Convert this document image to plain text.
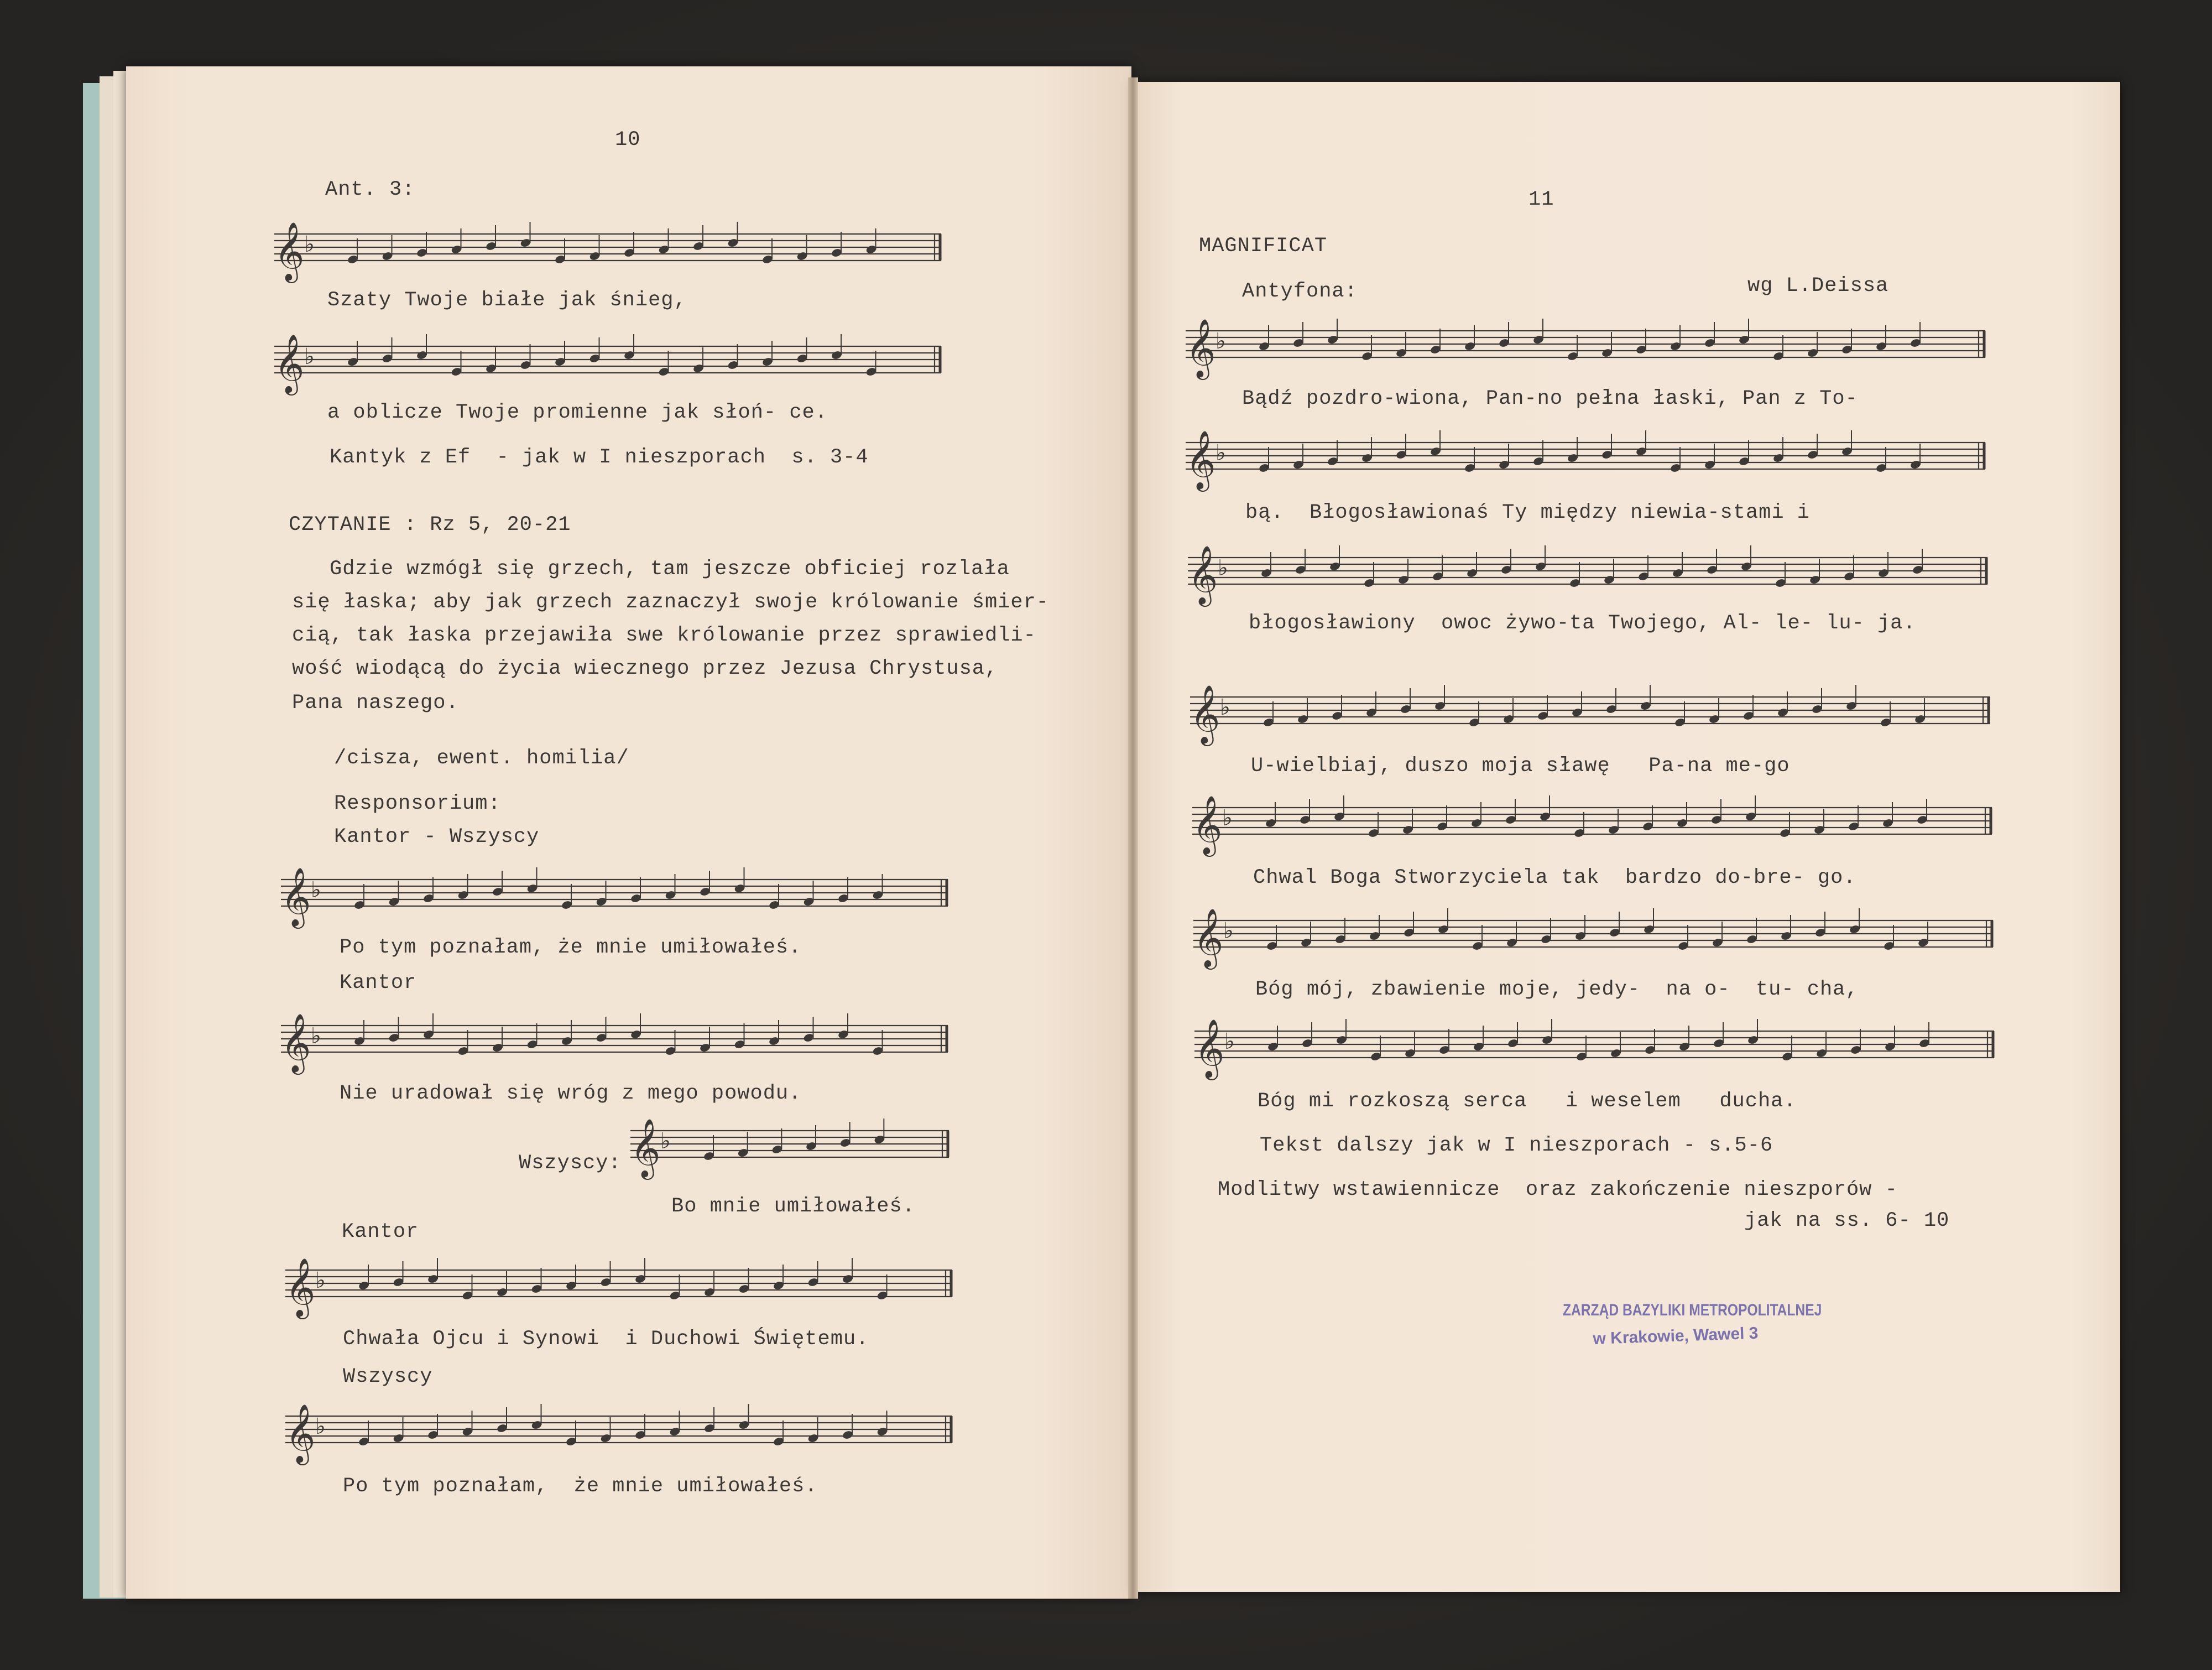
10
Ant. 3:
𝄞 ♭
Szaty Twoje białe jak śnieg,
𝄞 ♭
a oblicze Twoje promienne jak słoń- ce.
Kantyk z Ef  - jak w I nieszporach  s. 3-4
CZYTANIE : Rz 5, 20-21
Gdzie wzmógł się grzech, tam jeszcze obficiej rozlała
się łaska; aby jak grzech zaznaczył swoje królowanie śmier-
cią, tak łaska przejawiła swe królowanie przez sprawiedli-
wość wiodącą do życia wiecznego przez Jezusa Chrystusa,
Pana naszego.
/cisza, ewent. homilia/
Responsorium:
Kantor - Wszyscy
𝄞 ♭
Po tym poznałam, że mnie umiłowałeś.
Kantor
𝄞 ♭
Nie uradował się wróg z mego powodu.
Wszyscy: 𝄞 ♭
Bo mnie umiłowałeś.
Kantor
𝄞 ♭
Chwała Ojcu i Synowi  i Duchowi Świętemu.
Wszyscy
𝄞 ♭
Po tym poznałam,  że mnie umiłowałeś.
11
MAGNIFICAT
Antyfona:	wg L.Deissa
𝄞 ♭
Bądź pozdro-wiona, Pan-no pełna łaski, Pan z To-
𝄞 ♭
bą.  Błogosławionaś Ty między niewia-stami i
𝄞 ♭
błogosławiony  owoc żywo-ta Twojego, Al- le- lu- ja.
𝄞 ♭
U-wielbiaj, duszo moja sławę   Pa-na me-go
𝄞 ♭
Chwal Boga Stworzyciela tak  bardzo do-bre- go.
𝄞 ♭
Bóg mój, zbawienie moje, jedy-  na o-  tu- cha,
𝄞 ♭
Bóg mi rozkoszą serca   i weselem   ducha.
Tekst dalszy jak w I nieszporach - s.5-6
Modlitwy wstawiennicze  oraz zakończenie nieszporów -
jak na ss. 6- 10
ZARZĄD BAZYLIKI METROPOLITALNEJ
w Krakowie, Wawel 3
